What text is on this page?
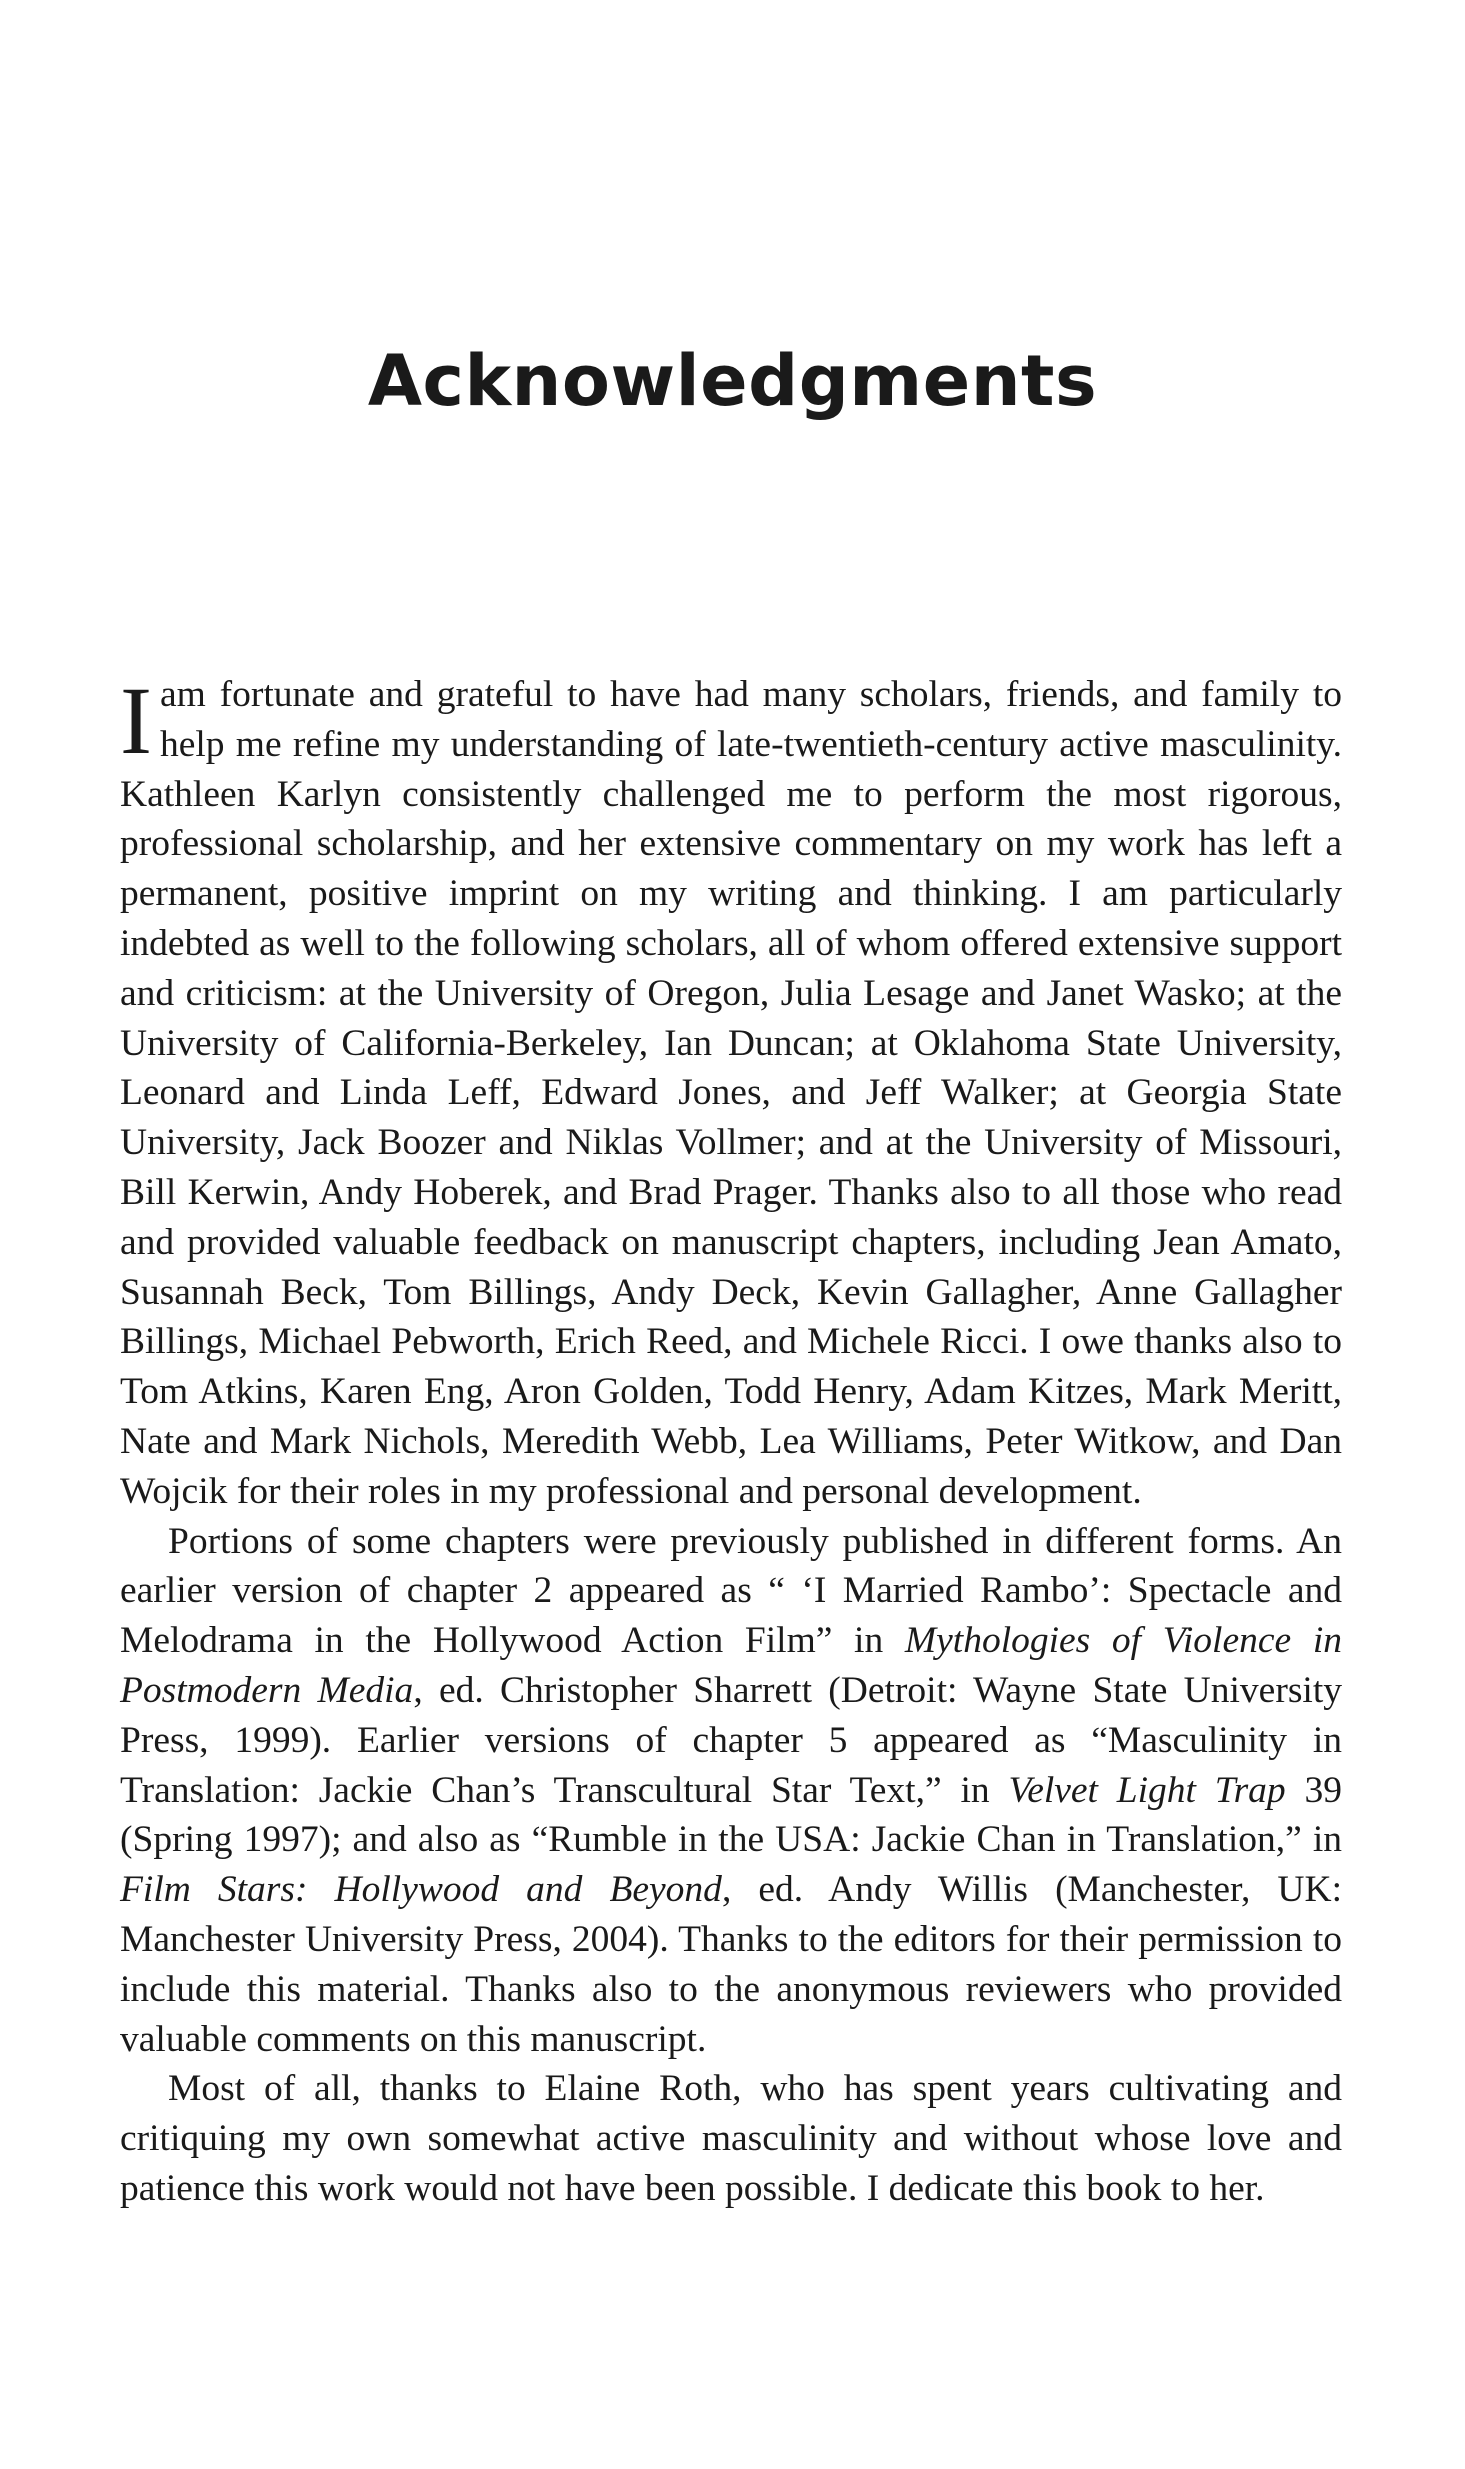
Acknowledgments

I am fortunate and grateful to have had many scholars, friends, and family to help me refine my understanding of late-twentieth-century active masculinity. Kathleen Karlyn consistently challenged me to perform the most rigorous, professional scholarship, and her extensive commentary on my work has left a permanent, positive imprint on my writing and thinking. I am particularly indebted as well to the following scholars, all of whom offered extensive support and criticism: at the University of Oregon, Julia Lesage and Janet Wasko; at the University of California-Berkeley, Ian Duncan; at Oklahoma State University, Leonard and Linda Leff, Edward Jones, and Jeff Walker; at Georgia State University, Jack Boozer and Niklas Vollmer; and at the University of Missouri, Bill Kerwin, Andy Hoberek, and Brad Prager. Thanks also to all those who read and provided valuable feedback on manuscript chapters, including Jean Amato, Susannah Beck, Tom Billings, Andy Deck, Kevin Gallagher, Anne Gallagher Billings, Michael Pebworth, Erich Reed, and Michele Ricci. I owe thanks also to Tom Atkins, Karen Eng, Aron Golden, Todd Henry, Adam Kitzes, Mark Meritt, Nate and Mark Nichols, Meredith Webb, Lea Williams, Peter Witkow, and Dan Wojcik for their roles in my professional and personal development.

Portions of some chapters were previously published in different forms. An earlier version of chapter 2 appeared as “ ‘I Married Rambo’: Spectacle and Melodrama in the Hollywood Action Film” in Mythologies of Violence in Postmodern Media, ed. Christopher Sharrett (Detroit: Wayne State University Press, 1999). Earlier versions of chapter 5 appeared as “Masculinity in Translation: Jackie Chan’s Transcultural Star Text,” in Velvet Light Trap 39 (Spring 1997); and also as “Rumble in the USA: Jackie Chan in Translation,” in Film Stars: Hollywood and Beyond, ed. Andy Willis (Manchester, UK: Manchester University Press, 2004). Thanks to the editors for their permission to include this material. Thanks also to the anonymous reviewers who provided valuable comments on this manuscript.

Most of all, thanks to Elaine Roth, who has spent years cultivating and critiquing my own somewhat active masculinity and without whose love and patience this work would not have been possible. I dedicate this book to her.
